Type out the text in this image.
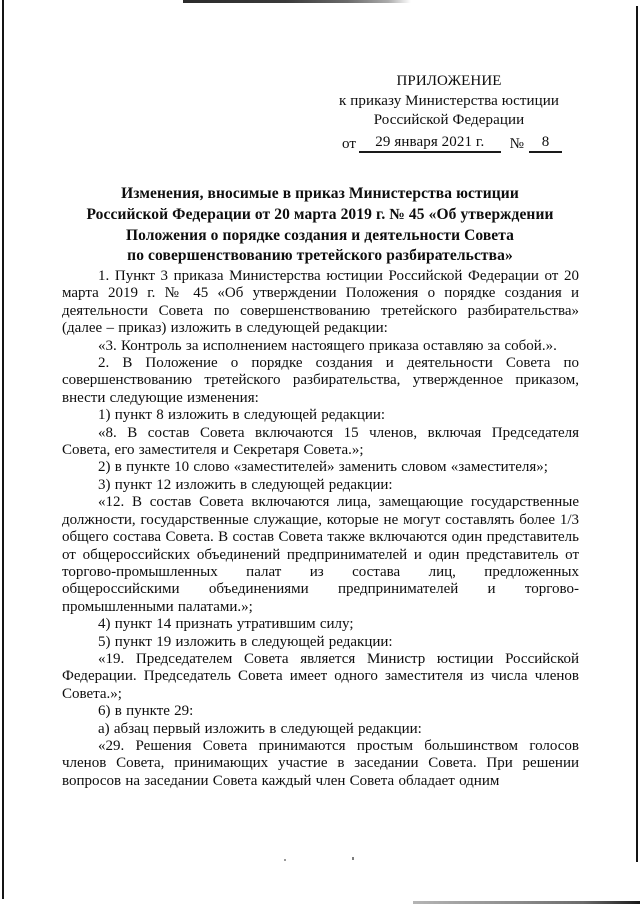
ПРИЛОЖЕНИЕ
к приказу Министерства юстиции
Российской Федерации
от	29 января 2021 г.	№	8
Изменения, вносимые в приказ Министерства юстиции
Российской Федерации от 20 марта 2019 г. № 45 «Об утверждении
Положения о порядке создания и деятельности Совета
по совершенствованию третейского разбирательства»

1. Пункт 3 приказа Министерства юстиции Российской Федерации от 20 марта 2019 г. № 45 «Об утверждении Положения о порядке создания и деятельности Совета по совершенствованию третейского разбирательства» (далее – приказ) изложить в следующей редакции:

«3. Контроль за исполнением настоящего приказа оставляю за собой.».

2. В Положение о порядке создания и деятельности Совета по совершенствованию третейского разбирательства, утвержденное приказом, внести следующие изменения:

1) пункт 8 изложить в следующей редакции:

«8. В состав Совета включаются 15 членов, включая Председателя Совета, его заместителя и Секретаря Совета.»;

2) в пункте 10 слово «заместителей» заменить словом «заместителя»;

3) пункт 12 изложить в следующей редакции:

«12. В состав Совета включаются лица, замещающие государственные должности, государственные служащие, которые не могут составлять более 1/3 общего состава Совета. В состав Совета также включаются один представитель от общероссийских объединений предпринимателей и один представитель от торгово-промышленных палат из состава лиц, предложенных общероссийскими объединениями предпринимателей и торгово-промышленными палатами.»;

4) пункт 14 признать утратившим силу;

5) пункт 19 изложить в следующей редакции:

«19. Председателем Совета является Министр юстиции Российской Федерации. Председатель Совета имеет одного заместителя из числа членов Совета.»;

6) в пункте 29:

а) абзац первый изложить в следующей редакции:

«29. Решения Совета принимаются простым большинством голосов членов Совета, принимающих участие в заседании Совета. При решении вопросов на заседании Совета каждый член Совета обладает одним
